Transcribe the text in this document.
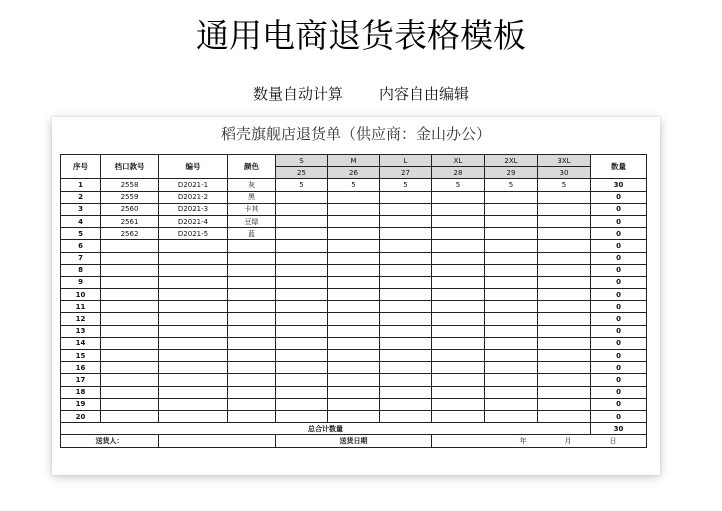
通用电商退货表格模板
数量自动计算 内容自由编辑
稻壳旗舰店退货单（供应商：金山办公）
序号	档口款号	编号	颜色	S	M	L	XL	2XL	3XL	数量
				25	26	27	28	29	30	
1	2558	D2021-1	灰	5	5	5	5	5	5	30
2	2559	D2021-2	黑							0
3	2560	D2021-3	卡其							0
4	2561	D2021-4	豆绿							0
5	2562	D2021-5	蓝							0
6										0
7										0
8										0
9										0
10										0
11										0
12										0
13										0
14										0
15										0
16										0
17										0
18										0
19										0
20										0
总合计数量										30
送货人：				送货日期			年 月 日			
